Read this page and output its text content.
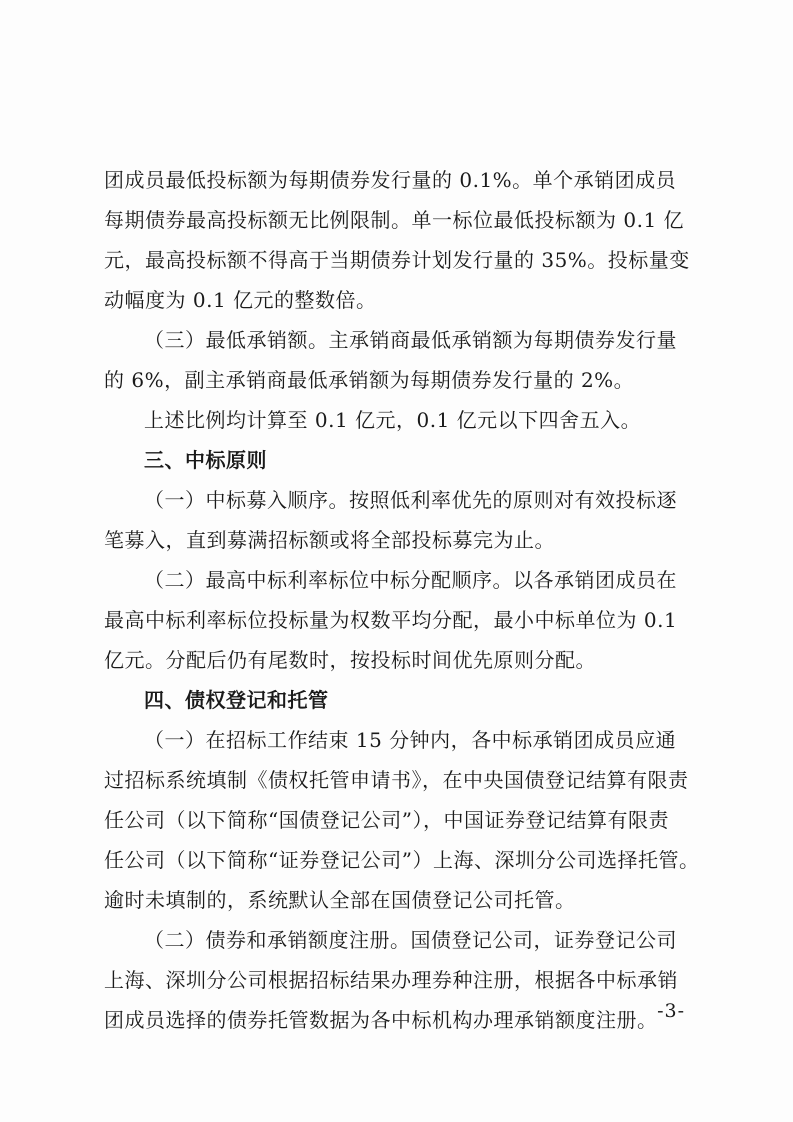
团成员最低投标额为每期债券发行量的 0.1%。单个承销团成员
每期债券最高投标额无比例限制。单一标位最低投标额为 0.1 亿
元，最高投标额不得高于当期债券计划发行量的 35%。投标量变
动幅度为 0.1 亿元的整数倍。
（三）最低承销额。主承销商最低承销额为每期债券发行量
的 6%，副主承销商最低承销额为每期债券发行量的 2%。
上述比例均计算至 0.1 亿元，0.1 亿元以下四舍五入。
三、中标原则
（一）中标募入顺序。按照低利率优先的原则对有效投标逐
笔募入，直到募满招标额或将全部投标募完为止。
（二）最高中标利率标位中标分配顺序。以各承销团成员在
最高中标利率标位投标量为权数平均分配，最小中标单位为 0.1
亿元。分配后仍有尾数时，按投标时间优先原则分配。
四、债权登记和托管
（一）在招标工作结束 15 分钟内，各中标承销团成员应通
过招标系统填制《债权托管申请书》，在中央国债登记结算有限责
任公司（以下简称“国债登记公司”），中国证券登记结算有限责
任公司（以下简称“证券登记公司”）上海、深圳分公司选择托管。
逾时未填制的，系统默认全部在国债登记公司托管。
（二）债券和承销额度注册。国债登记公司，证券登记公司
上海、深圳分公司根据招标结果办理券种注册，根据各中标承销
团成员选择的债券托管数据为各中标机构办理承销额度注册。 -3-
